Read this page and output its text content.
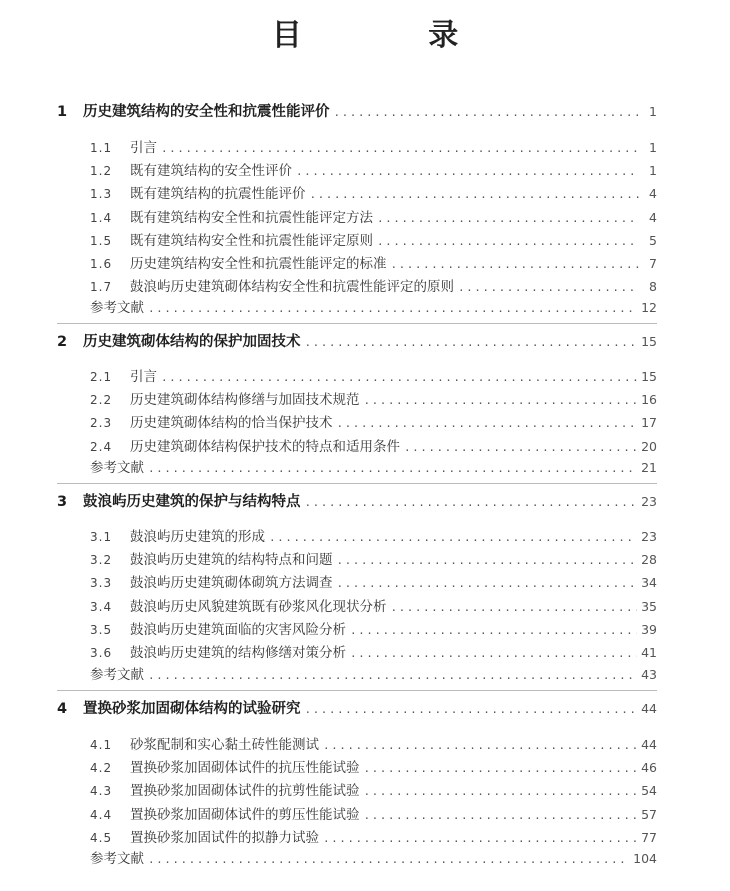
目 录
1	历史建筑结构的安全性和抗震性能评价 .....	1
1.1	引言 .....	1
1.2	既有建筑结构的安全性评价 .....	1
1.3	既有建筑结构的抗震性能评价 .....	4
1.4	既有建筑结构安全性和抗震性能评定方法 .....	4
1.5	既有建筑结构安全性和抗震性能评定原则 .....	5
1.6	历史建筑结构安全性和抗震性能评定的标准 .....	7
1.7	鼓浪屿历史建筑砌体结构安全性和抗震性能评定的原则 .....	8
参考文献 .....	12
2	历史建筑砌体结构的保护加固技术 .....	15
2.1	引言 .....	15
2.2	历史建筑砌体结构修缮与加固技术规范 .....	16
2.3	历史建筑砌体结构的恰当保护技术 .....	17
2.4	历史建筑砌体结构保护技术的特点和适用条件 .....	20
参考文献 .....	21
3	鼓浪屿历史建筑的保护与结构特点 .....	23
3.1	鼓浪屿历史建筑的形成 .....	23
3.2	鼓浪屿历史建筑的结构特点和问题 .....	28
3.3	鼓浪屿历史建筑砌体砌筑方法调查 .....	34
3.4	鼓浪屿历史风貌建筑既有砂浆风化现状分析 .....	35
3.5	鼓浪屿历史建筑面临的灾害风险分析 .....	39
3.6	鼓浪屿历史建筑的结构修缮对策分析 .....	41
参考文献 .....	43
4	置换砂浆加固砌体结构的试验研究 .....	44
4.1	砂浆配制和实心黏土砖性能测试 .....	44
4.2	置换砂浆加固砌体试件的抗压性能试验 .....	46
4.3	置换砂浆加固砌体试件的抗剪性能试验 .....	54
4.4	置换砂浆加固砌体试件的剪压性能试验 .....	57
4.5	置换砂浆加固试件的拟静力试验 .....	77
参考文献 .....	104
